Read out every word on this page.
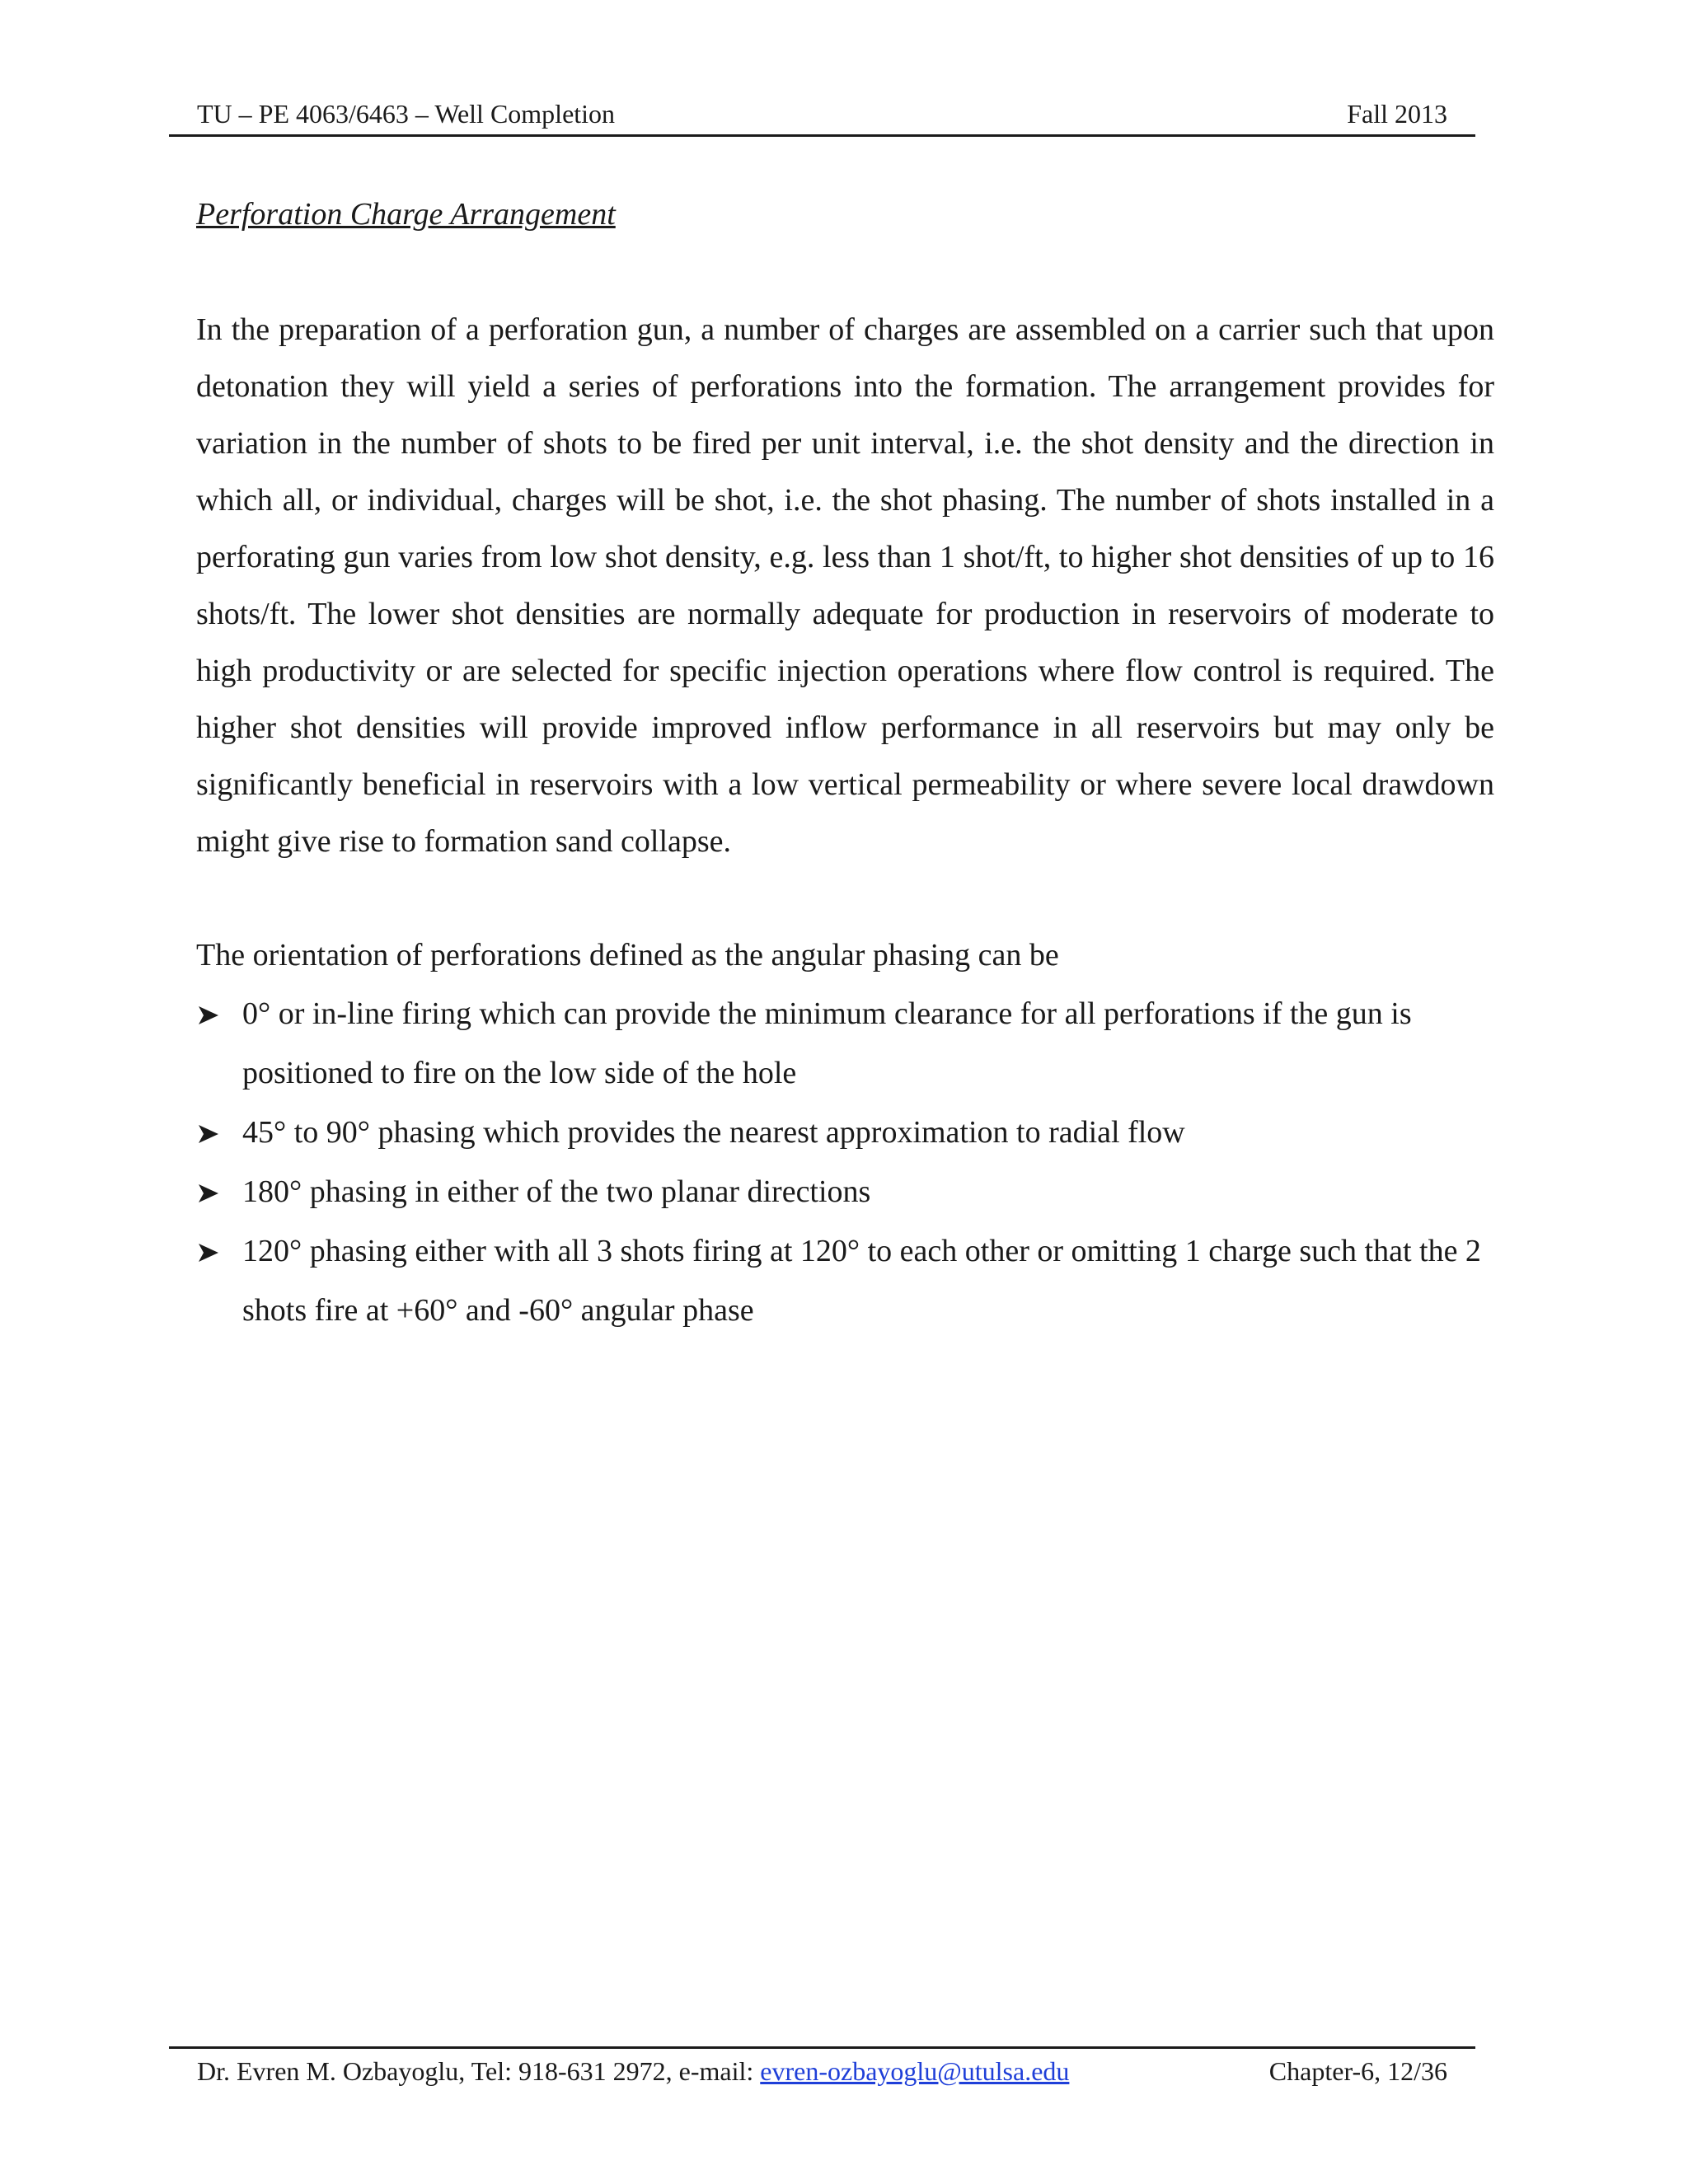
TU – PE 4063/6463 – Well Completion	Fall 2013

Perforation Charge Arrangement

In the preparation of a perforation gun, a number of charges are assembled on a carrier such that upon detonation they will yield a series of perforations into the formation. The arrangement provides for variation in the number of shots to be fired per unit interval, i.e. the shot density and the direction in which all, or individual, charges will be shot, i.e. the shot phasing. The number of shots installed in a perforating gun varies from low shot density, e.g. less than 1 shot/ft, to higher shot densities of up to 16 shots/ft. The lower shot densities are normally adequate for production in reservoirs of moderate to high productivity or are selected for specific injection operations where flow control is required. The higher shot densities will provide improved inflow performance in all reservoirs but may only be significantly beneficial in reservoirs with a low vertical permeability or where severe local drawdown might give rise to formation sand collapse.

The orientation of perforations defined as the angular phasing can be

0° or in-line firing which can provide the minimum clearance for all perforations if the gun is positioned to fire on the low side of the hole
45° to 90° phasing which provides the nearest approximation to radial flow
180° phasing in either of the two planar directions
120° phasing either with all 3 shots firing at 120° to each other or omitting 1 charge such that the 2 shots fire at +60° and -60° angular phase
Dr. Evren M. Ozbayoglu, Tel: 918-631 2972, e-mail: evren-ozbayoglu@utulsa.edu	Chapter-6, 12/36
